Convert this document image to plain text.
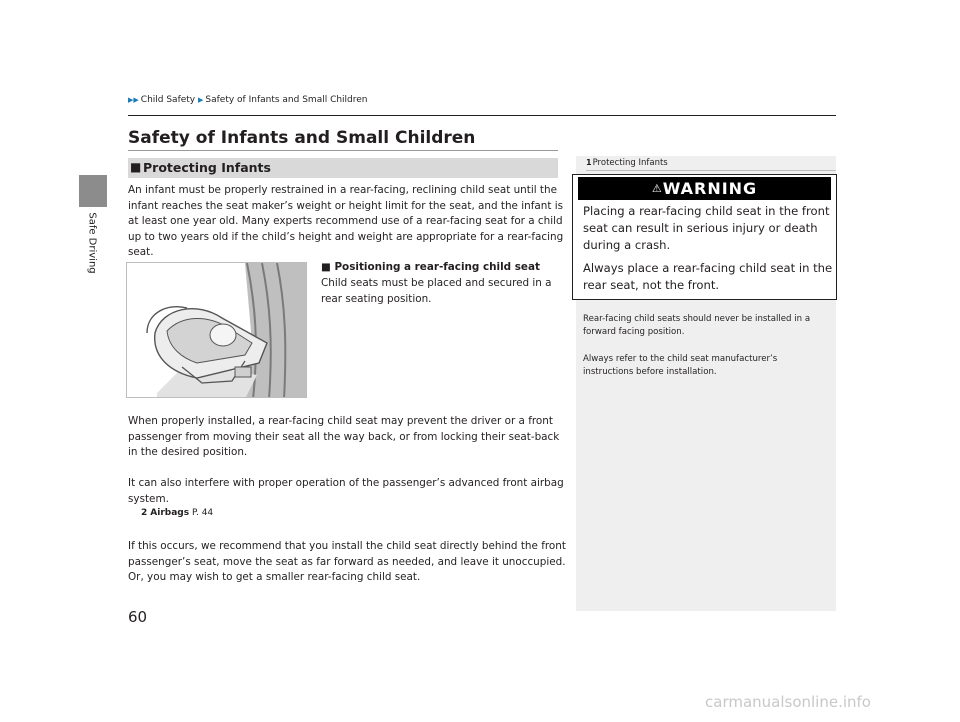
Safe Driving
▶▶ Child Safety ▶ Safety of Infants and Small Children
Safety of Infants and Small Children
■ Protecting Infants

An infant must be properly restrained in a rear-facing, reclining child seat until the

infant reaches the seat maker’s weight or height limit for the seat, and the infant is

at least one year old. Many experts recommend use of a rear-facing seat for a child

up to two years old if the child’s height and weight are appropriate for a rear-facing

seat.

■ Positioning a rear-facing child seat

Child seats must be placed and secured in a

rear seating position.

When properly installed, a rear-facing child seat may prevent the driver or a front

passenger from moving their seat all the way back, or from locking their seat-back

in the desired position.

It can also interfere with proper operation of the passenger’s advanced front airbag

system.

2 Airbags P. 44

If this occurs, we recommend that you install the child seat directly behind the front

passenger’s seat, move the seat as far forward as needed, and leave it unoccupied.

Or, you may wish to get a smaller rear-facing child seat.

1Protecting Infants
⚠WARNING

Placing a rear-facing child seat in the front

seat can result in serious injury or death

during a crash.

Always place a rear-facing child seat in the

rear seat, not the front.

Rear-facing child seats should never be installed in a

forward facing position.

Always refer to the child seat manufacturer’s

instructions before installation.

60
carmanualsonline.info
